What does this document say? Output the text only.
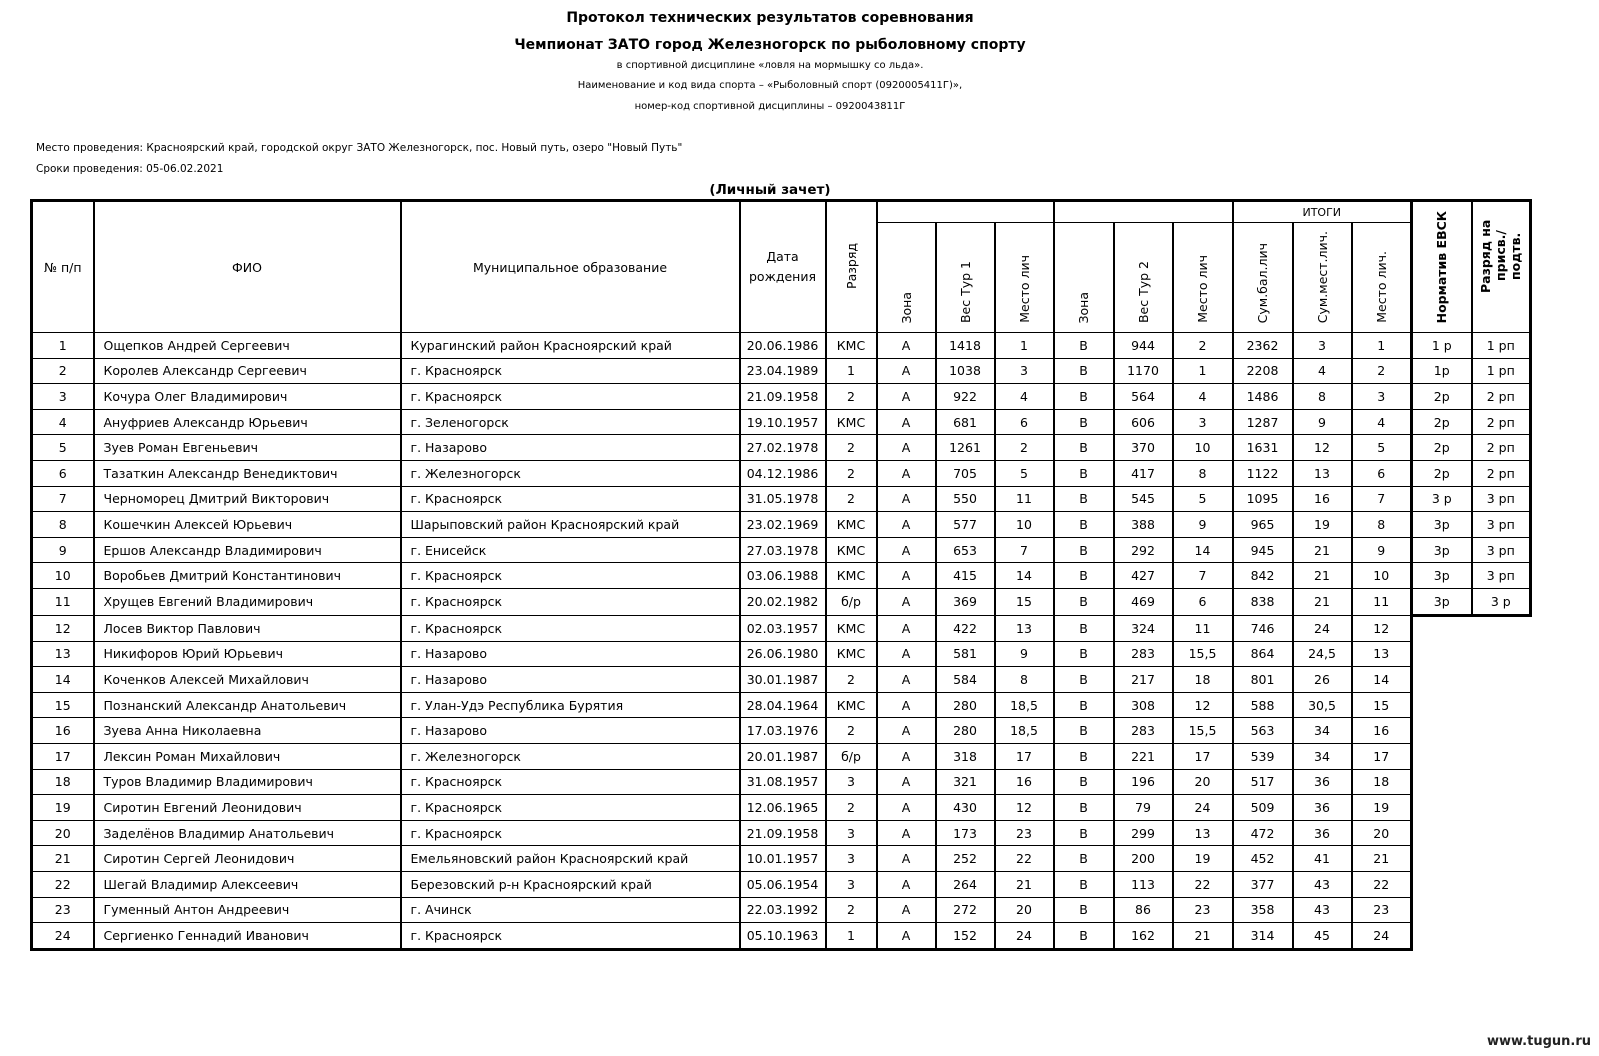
Протокол технических результатов соревнования
Чемпионат ЗАТО город Железногорск по рыболовному спорту
в спортивной дисциплине «ловля на мормышку со льда».
Наименование и код вида спорта – «Рыболовный спорт (0920005411Г)»,
номер-код спортивной дисциплины – 0920043811Г
Место проведения: Красноярский край, городской округ ЗАТО Железногорск, пос. Новый путь, озеро "Новый Путь"
Сроки проведения: 05-06.02.2021
(Личный зачет)
№ п/п	ФИО	Муниципальное образование	Дата рождения	Разряд							ИТОГИ			Норматив ЕВСК	Разряд на присв./подтв.
					Зона	Вес Тур 1	Место лич	Зона	Вес Тур 2	Место лич	Сум.бал.лич	Сум.мест.лич.	Место лич.		
1	Ощепков Андрей Сергеевич	Курагинский район Красноярский край	20.06.1986	КМС	А	1418	1	В	944	2	2362	3	1	1 р	1 рп
2	Королев Александр Сергеевич	г. Красноярск	23.04.1989	1	А	1038	3	В	1170	1	2208	4	2	1р	1 рп
3	Кочура Олег Владимирович	г. Красноярск	21.09.1958	2	А	922	4	В	564	4	1486	8	3	2р	2 рп
4	Ануфриев Александр Юрьевич	г. Зеленогорск	19.10.1957	КМС	А	681	6	В	606	3	1287	9	4	2р	2 рп
5	Зуев Роман Евгеньевич	г. Назарово	27.02.1978	2	А	1261	2	В	370	10	1631	12	5	2р	2 рп
6	Тазаткин Александр Венедиктович	г. Железногорск	04.12.1986	2	А	705	5	В	417	8	1122	13	6	2р	2 рп
7	Черноморец Дмитрий Викторович	г. Красноярск	31.05.1978	2	А	550	11	В	545	5	1095	16	7	3 р	3 рп
8	Кошечкин Алексей Юрьевич	Шарыповский район Красноярский край	23.02.1969	КМС	А	577	10	В	388	9	965	19	8	3р	3 рп
9	Ершов Александр Владимирович	г. Енисейск	27.03.1978	КМС	А	653	7	В	292	14	945	21	9	3р	3 рп
10	Воробьев Дмитрий Константинович	г. Красноярск	03.06.1988	КМС	А	415	14	В	427	7	842	21	10	3р	3 рп
11	Хрущев Евгений Владимирович	г. Красноярск	20.02.1982	б/р	А	369	15	В	469	6	838	21	11	3р	3 р
12	Лосев Виктор Павлович	г. Красноярск	02.03.1957	КМС	А	422	13	В	324	11	746	24	12		
13	Никифоров Юрий Юрьевич	г. Назарово	26.06.1980	КМС	А	581	9	В	283	15,5	864	24,5	13		
14	Коченков Алексей Михайлович	г. Назарово	30.01.1987	2	А	584	8	В	217	18	801	26	14		
15	Познанский Александр Анатольевич	г. Улан-Удэ Республика Бурятия	28.04.1964	КМС	А	280	18,5	В	308	12	588	30,5	15		
16	Зуева Анна Николаевна	г. Назарово	17.03.1976	2	А	280	18,5	В	283	15,5	563	34	16		
17	Лексин Роман Михайлович	г. Железногорск	20.01.1987	б/р	А	318	17	В	221	17	539	34	17		
18	Туров Владимир Владимирович	г. Красноярск	31.08.1957	3	А	321	16	В	196	20	517	36	18		
19	Сиротин Евгений Леонидович	г. Красноярск	12.06.1965	2	А	430	12	В	79	24	509	36	19		
20	Заделёнов Владимир Анатольевич	г. Красноярск	21.09.1958	3	А	173	23	В	299	13	472	36	20		
21	Сиротин Сергей Леонидович	Емельяновский район Красноярский край	10.01.1957	3	А	252	22	В	200	19	452	41	21		
22	Шегай Владимир Алексеевич	Березовский р-н Красноярский край	05.06.1954	3	А	264	21	В	113	22	377	43	22		
23	Гуменный Антон Андреевич	г. Ачинск	22.03.1992	2	А	272	20	В	86	23	358	43	23		
24	Сергиенко Геннадий Иванович	г. Красноярск	05.10.1963	1	А	152	24	В	162	21	314	45	24		
www.tugun.ru
